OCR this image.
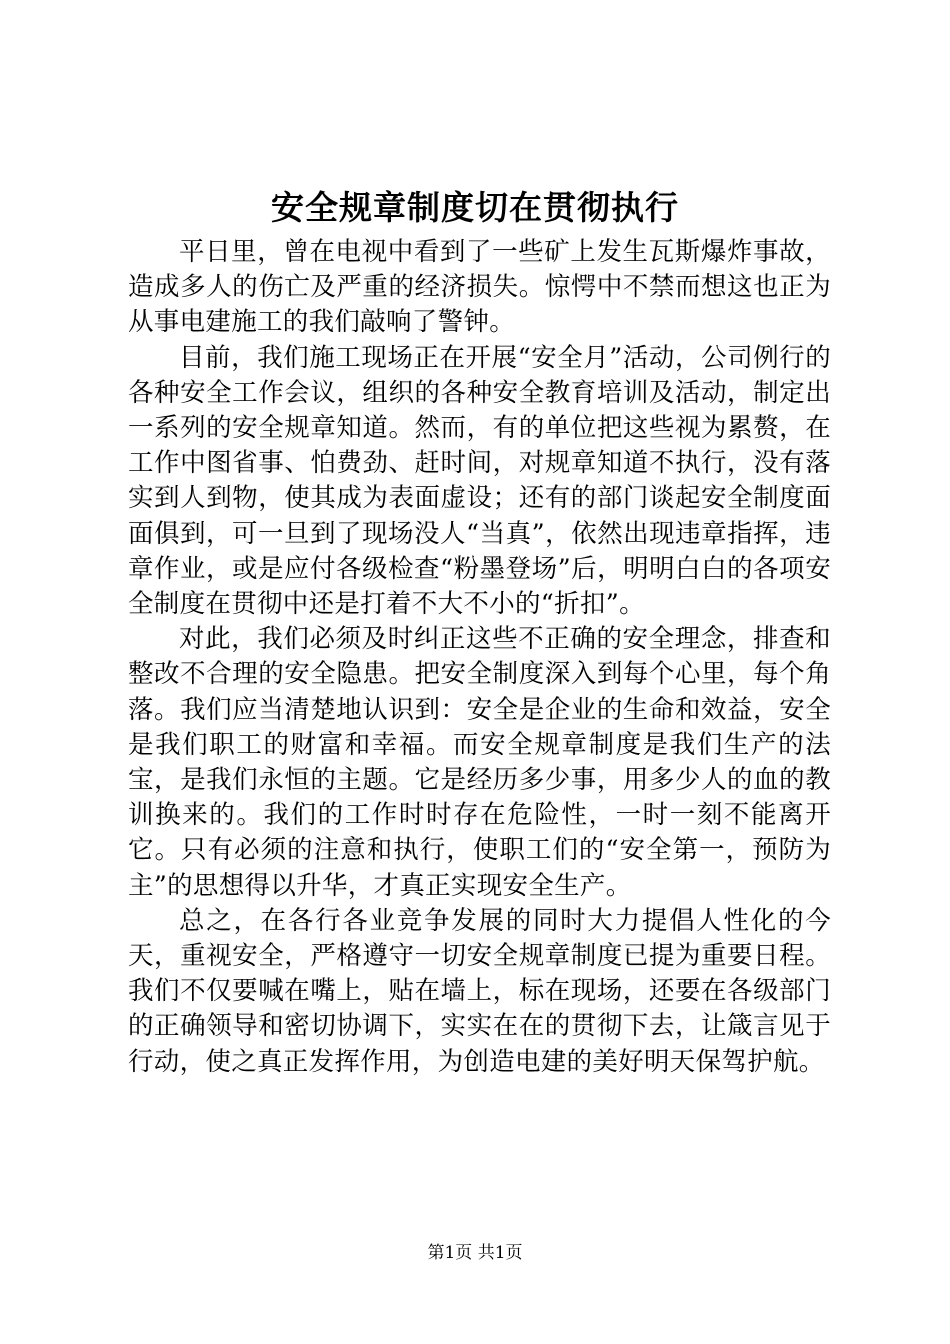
安全规章制度切在贯彻执行

平日里，曾在电视中看到了一些矿上发生瓦斯爆炸事故，造成多人的伤亡及严重的经济损失。惊愕中不禁而想这也正为从事电建施工的我们敲响了警钟。

目前，我们施工现场正在开展“安全月”活动，公司例行的各种安全工作会议，组织的各种安全教育培训及活动，制定出一系列的安全规章知道。然而，有的单位把这些视为累赘，在工作中图省事、怕费劲、赶时间，对规章知道不执行，没有落实到人到物，使其成为表面虚设；还有的部门谈起安全制度面面俱到，可一旦到了现场没人“当真”，依然出现违章指挥，违章作业，或是应付各级检查“粉墨登场”后，明明白白的各项安全制度在贯彻中还是打着不大不小的“折扣”。

对此，我们必须及时纠正这些不正确的安全理念，排查和整改不合理的安全隐患。把安全制度深入到每个心里，每个角落。我们应当清楚地认识到：安全是企业的生命和效益，安全是我们职工的财富和幸福。而安全规章制度是我们生产的法宝，是我们永恒的主题。它是经历多少事，用多少人的血的教训换来的。我们的工作时时存在危险性，一时一刻不能离开它。只有必须的注意和执行，使职工们的“安全第一，预防为主”的思想得以升华，才真正实现安全生产。

总之，在各行各业竞争发展的同时大力提倡人性化的今天，重视安全，严格遵守一切安全规章制度已提为重要日程。我们不仅要喊在嘴上，贴在墙上，标在现场，还要在各级部门的正确领导和密切协调下，实实在在的贯彻下去，让箴言见于行动，使之真正发挥作用，为创造电建的美好明天保驾护航。

第1页 共1页
